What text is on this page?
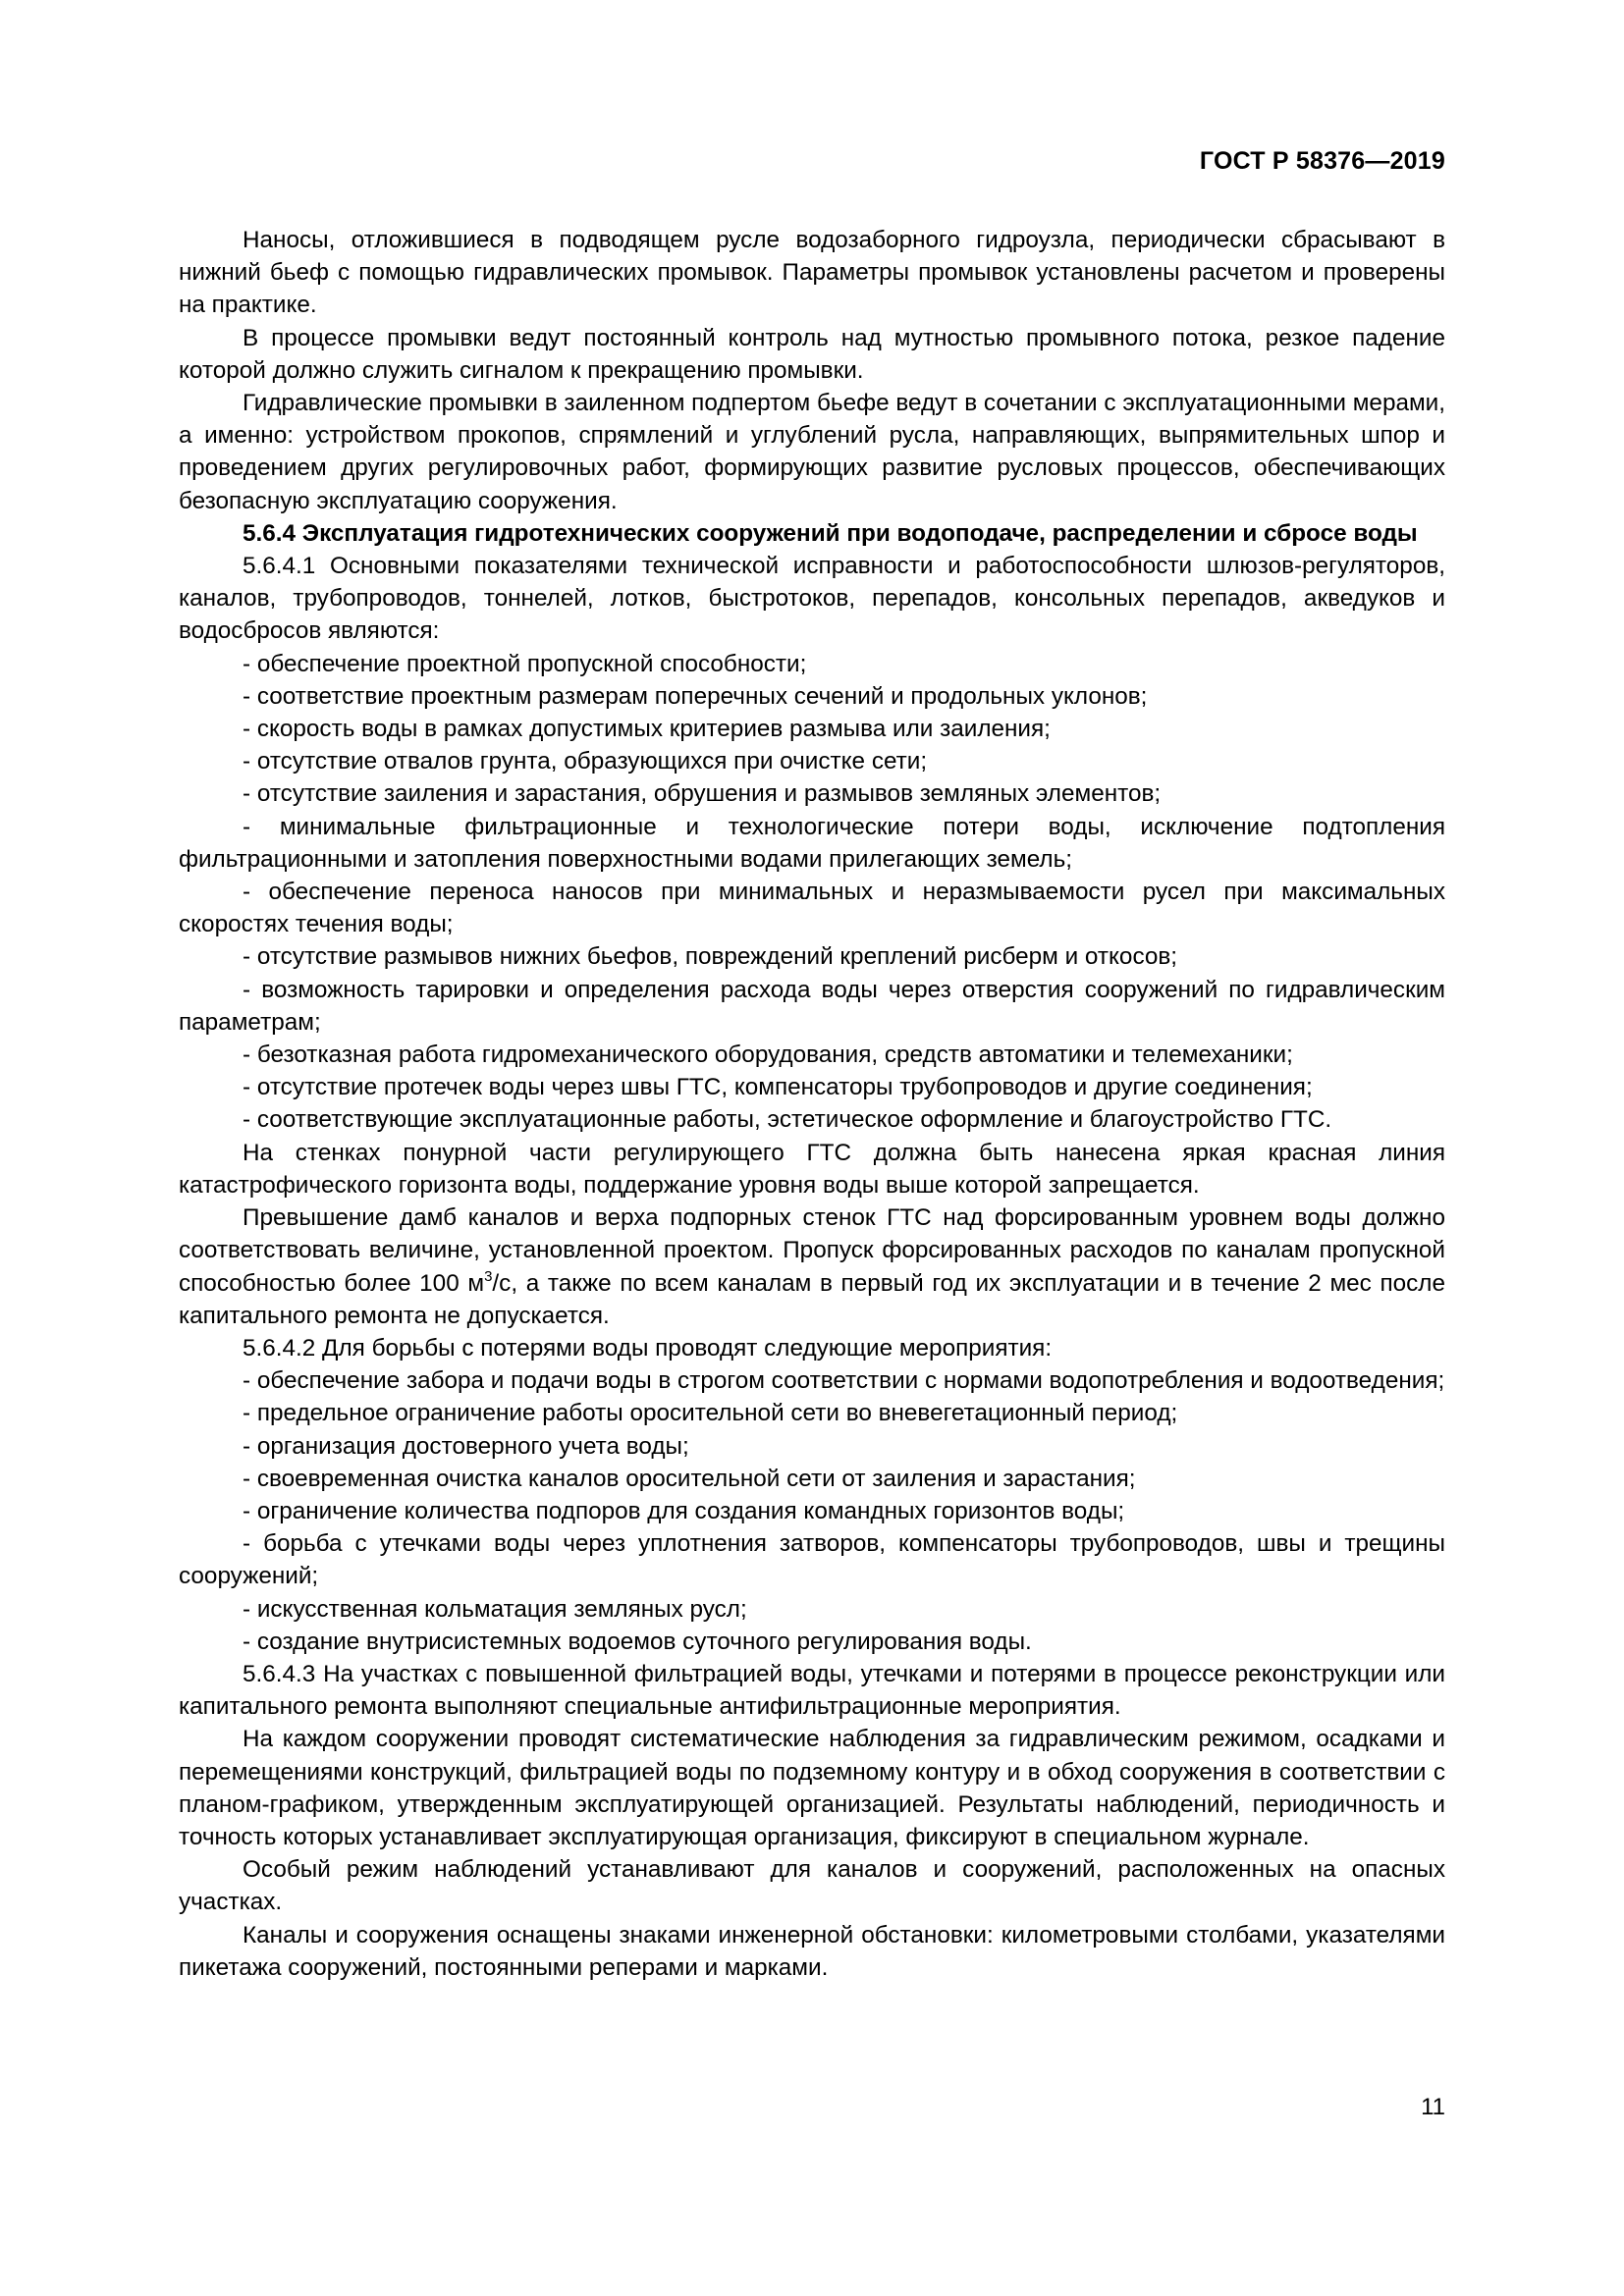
ГОСТ Р 58376—2019

Наносы, отложившиеся в подводящем русле водозаборного гидроузла, периодически сбрасывают в нижний бьеф с помощью гидравлических промывок. Параметры промывок установлены расчетом и проверены на практике.

В процессе промывки ведут постоянный контроль над мутностью промывного потока, резкое падение которой должно служить сигналом к прекращению промывки.

Гидравлические промывки в заиленном подпертом бьефе ведут в сочетании с эксплуатационными мерами, а именно: устройством прокопов, спрямлений и углублений русла, направляющих, выпрямительных шпор и проведением других регулировочных работ, формирующих развитие русловых процессов, обеспечивающих безопасную эксплуатацию сооружения.

5.6.4 Эксплуатация гидротехнических сооружений при водоподаче, распределении и сбросе воды

5.6.4.1 Основными показателями технической исправности и работоспособности шлюзов-регуляторов, каналов, трубопроводов, тоннелей, лотков, быстротоков, перепадов, консольных перепадов, акведуков и водосбросов являются:

- обеспечение проектной пропускной способности;

- соответствие проектным размерам поперечных сечений и продольных уклонов;

- скорость воды в рамках допустимых критериев размыва или заиления;

- отсутствие отвалов грунта, образующихся при очистке сети;

- отсутствие заиления и зарастания, обрушения и размывов земляных элементов;

- минимальные фильтрационные и технологические потери воды, исключение подтопления фильтрационными и затопления поверхностными водами прилегающих земель;

- обеспечение переноса наносов при минимальных и неразмываемости русел при максимальных скоростях течения воды;

- отсутствие размывов нижних бьефов, повреждений креплений рисберм и откосов;

- возможность тарировки и определения расхода воды через отверстия сооружений по гидравлическим параметрам;

- безотказная работа гидромеханического оборудования, средств автоматики и телемеханики;

- отсутствие протечек воды через швы ГТС, компенсаторы трубопроводов и другие соединения;

- соответствующие эксплуатационные работы, эстетическое оформление и благоустройство ГТС.

На стенках понурной части регулирующего ГТС должна быть нанесена яркая красная линия катастрофического горизонта воды, поддержание уровня воды выше которой запрещается.

Превышение дамб каналов и верха подпорных стенок ГТС над форсированным уровнем воды должно соответствовать величине, установленной проектом. Пропуск форсированных расходов по каналам пропускной способностью более 100 $м^3/с$, а также по всем каналам в первый год их эксплуатации и в течение 2 мес после капитального ремонта не допускается.

5.6.4.2 Для борьбы с потерями воды проводят следующие мероприятия:

- обеспечение забора и подачи воды в строгом соответствии с нормами водопотребления и водоотведения;

- предельное ограничение работы оросительной сети во вневегетационный период;

- организация достоверного учета воды;

- своевременная очистка каналов оросительной сети от заиления и зарастания;

- ограничение количества подпоров для создания командных горизонтов воды;

- борьба с утечками воды через уплотнения затворов, компенсаторы трубопроводов, швы и трещины сооружений;

- искусственная кольматация земляных русл;

- создание внутрисистемных водоемов суточного регулирования воды.

5.6.4.3 На участках с повышенной фильтрацией воды, утечками и потерями в процессе реконструкции или капитального ремонта выполняют специальные антифильтрационные мероприятия.

На каждом сооружении проводят систематические наблюдения за гидравлическим режимом, осадками и перемещениями конструкций, фильтрацией воды по подземному контуру и в обход сооружения в соответствии с планом-графиком, утвержденным эксплуатирующей организацией. Результаты наблюдений, периодичность и точность которых устанавливает эксплуатирующая организация, фиксируют в специальном журнале.

Особый режим наблюдений устанавливают для каналов и сооружений, расположенных на опасных участках.

Каналы и сооружения оснащены знаками инженерной обстановки: километровыми столбами, указателями пикетажа сооружений, постоянными реперами и марками.

11
